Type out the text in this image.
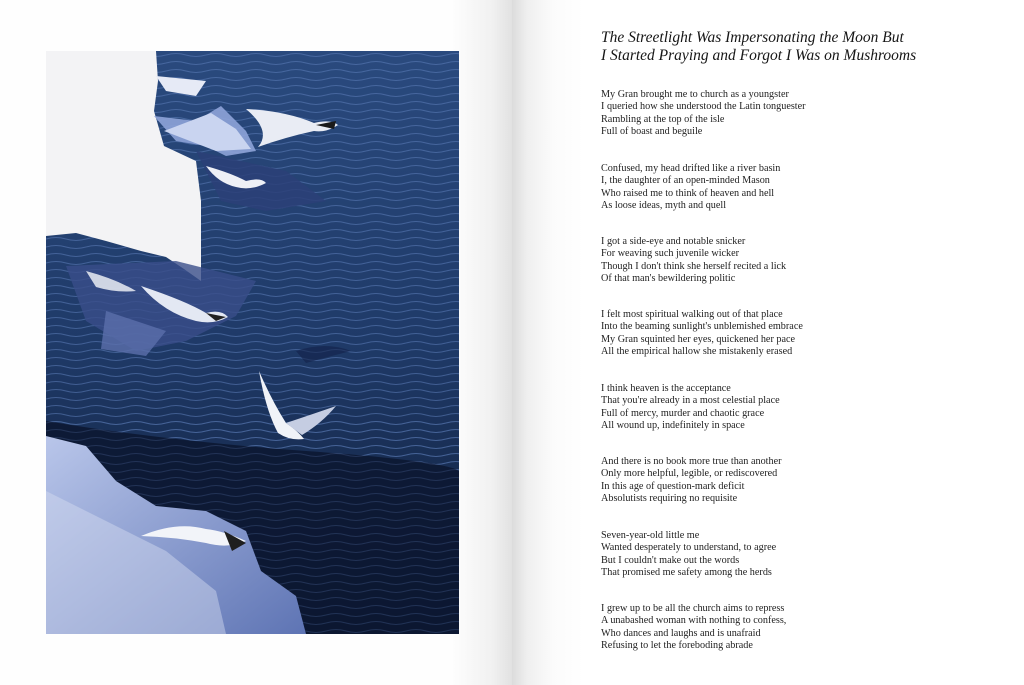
The Streetlight Was Impersonating the Moon But
I Started Praying and Forgot I Was on Mushrooms
My Gran brought me to church as a youngster
I queried how she understood the Latin tonguester
Rambling at the top of the isle
Full of boast and beguile
Confused, my head drifted like a river basin
I, the daughter of an open-minded Mason
Who raised me to think of heaven and hell
As loose ideas, myth and quell
I got a side-eye and notable snicker
For weaving such juvenile wicker
Though I don't think she herself recited a lick
Of that man's bewildering politic
I felt most spiritual walking out of that place
Into the beaming sunlight's unblemished embrace
My Gran squinted her eyes, quickened her pace
All the empirical hallow she mistakenly erased
I think heaven is the acceptance
That you're already in a most celestial place
Full of mercy, murder and chaotic grace
All wound up, indefinitely in space
And there is no book more true than another
Only more helpful, legible, or rediscovered
In this age of question-mark deficit
Absolutists requiring no requisite
Seven-year-old little me
Wanted desperately to understand, to agree
But I couldn't make out the words
That promised me safety among the herds
I grew up to be all the church aims to repress
A unabashed woman with nothing to confess,
Who dances and laughs and is unafraid
Refusing to let the foreboding abrade
